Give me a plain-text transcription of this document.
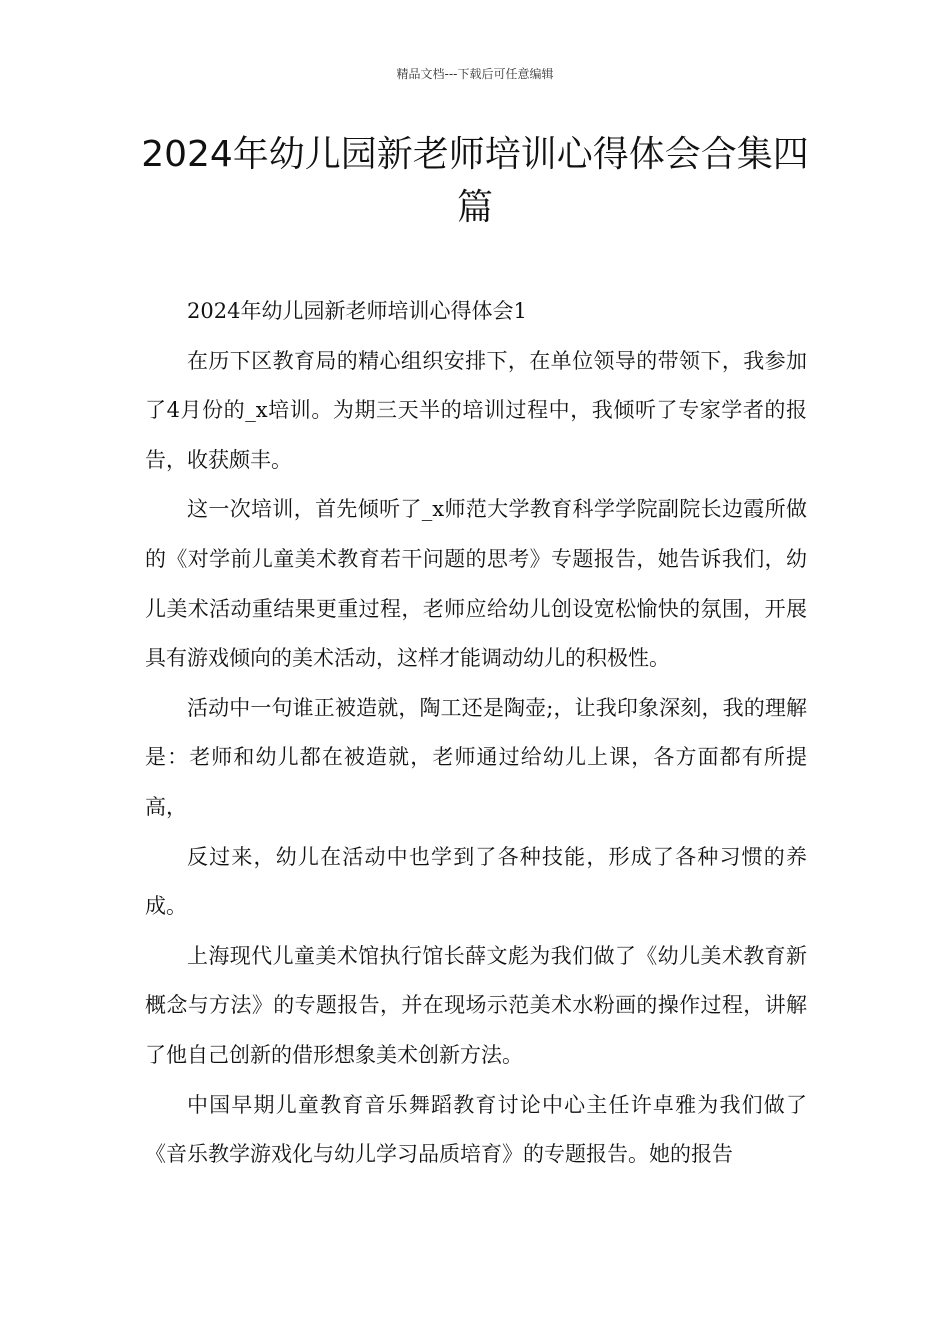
精品文档---下载后可任意编辑
2024年幼儿园新老师培训心得体会合集四篇

2024年幼儿园新老师培训心得体会1

在历下区教育局的精心组织安排下，在单位领导的带领下，我参加了4月份的_x培训。为期三天半的培训过程中，我倾听了专家学者的报告，收获颇丰。

这一次培训，首先倾听了_x师范大学教育科学学院副院长边霞所做的《对学前儿童美术教育若干问题的思考》专题报告，她告诉我们，幼儿美术活动重结果更重过程，老师应给幼儿创设宽松愉快的氛围，开展具有游戏倾向的美术活动，这样才能调动幼儿的积极性。

活动中一句谁正被造就，陶工还是陶壶;，让我印象深刻，我的理解是：老师和幼儿都在被造就，老师通过给幼儿上课，各方面都有所提高，

反过来，幼儿在活动中也学到了各种技能，形成了各种习惯的养成。

上海现代儿童美术馆执行馆长薛文彪为我们做了《幼儿美术教育新概念与方法》的专题报告，并在现场示范美术水粉画的操作过程，讲解了他自己创新的借形想象美术创新方法。

中国早期儿童教育音乐舞蹈教育讨论中心主任许卓雅为我们做了《音乐教学游戏化与幼儿学习品质培育》的专题报告。她的报告
